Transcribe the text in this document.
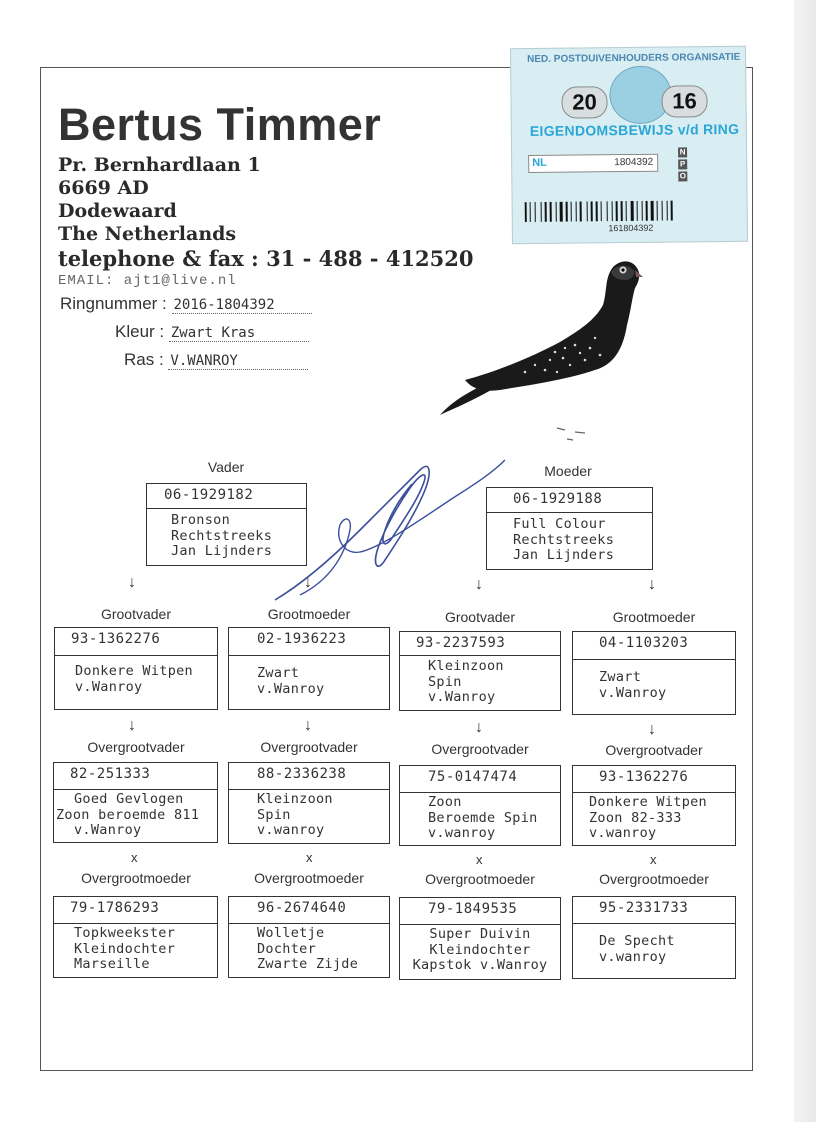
Bertus Timmer
Pr. Bernhardlaan 1
6669 AD
Dodewaard
The Netherlands
telephone & fax : 31 - 488 - 412520
EMAIL: ajt1@live.nl
Ringnummer : 2016-1804392
Kleur : Zwart Kras
Ras : V.WANROY
NED. POSTDUIVENHOUDERS ORGANISATIE
20	16
EIGENDOMSBEWIJS v/d RING
NL	1804392
N
P
O
161804392
Vader	Moeder
06-1929182
Bronson
Rechtstreeks
Jan Lijnders
06-1929188
Full Colour
Rechtstreeks
Jan Lijnders
↓	↓	↓	↓
Grootvader	Grootmoeder	Grootvader	Grootmoeder
93-1362276
Donkere Witpen
v.Wanroy
02-1936223
Zwart
v.Wanroy
93-2237593
Kleinzoon
Spin
v.Wanroy
04-1103203
Zwart
v.Wanroy
↓	↓	↓	↓
Overgrootvader	Overgrootvader	Overgrootvader	Overgrootvader
82-251333
Goed Gevlogen
Zoon beroemde 811
v.Wanroy
88-2336238
Kleinzoon
Spin
v.wanroy
75-0147474
Zoon
Beroemde Spin
v.wanroy
93-1362276
Donkere Witpen
Zoon 82-333
v.wanroy
x	x	x	x
Overgrootmoeder	Overgrootmoeder	Overgrootmoeder	Overgrootmoeder
79-1786293
Topkweekster
Kleindochter
Marseille
96-2674640
Wolletje
Dochter
Zwarte Zijde
79-1849535
Super Duivin
Kleindochter
Kapstok v.Wanroy
95-2331733
De Specht
v.wanroy
